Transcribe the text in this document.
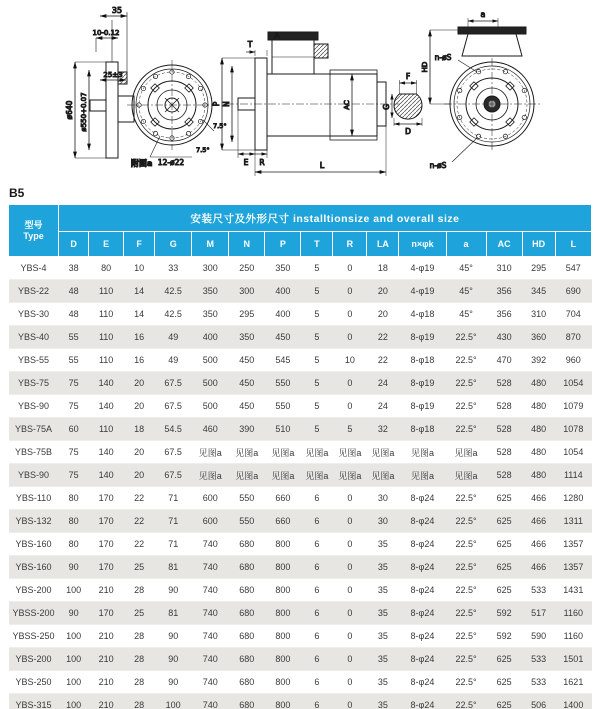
35
10-0.12
25±3
ø640 ø550+0.07
12-ø22
7.5°
7.5°
附图a
T
A
N
P
E R	L
AC
F
G
D
HD
a
n-øS
n-øS
B5
型号
Type	安装尺寸及外形尺寸 installtionsize and overall size														
	D	E	F	G	M	N	P	T	R	LA	n×φk	a	AC	HD	L
YBS-4	38	80	10	33	300	250	350	5	0	18	4-φ19	45°	310	295	547
YBS-22	48	110	14	42.5	350	300	400	5	0	20	4-φ19	45°	356	345	690
YBS-30	48	110	14	42.5	350	295	400	5	0	20	4-φ18	45°	356	310	704
YBS-40	55	110	16	49	400	350	450	5	0	22	8-φ19	22.5°	430	360	870
YBS-55	55	110	16	49	500	450	545	5	10	22	8-φ18	22.5°	470	392	960
YBS-75	75	140	20	67.5	500	450	550	5	0	24	8-φ19	22.5°	528	480	1054
YBS-90	75	140	20	67.5	500	450	550	5	0	24	8-φ19	22.5°	528	480	1079
YBS-75A	60	110	18	54.5	460	390	510	5	5	32	8-φ18	22.5°	528	480	1078
YBS-75B	75	140	20	67.5	见图a	见图a	见图a	见图a	见图a	见图a	见图a	见图a	528	480	1054
YBS-90	75	140	20	67.5	见图a	见图a	见图a	见图a	见图a	见图a	见图a	见图a	528	480	1114
YBS-110	80	170	22	71	600	550	660	6	0	30	8-φ24	22.5°	625	466	1280
YBS-132	80	170	22	71	600	550	660	6	0	30	8-φ24	22.5°	625	466	1311
YBS-160	80	170	22	71	740	680	800	6	0	35	8-φ24	22.5°	625	466	1357
YBS-160	90	170	25	81	740	680	800	6	0	35	8-φ24	22.5°	625	466	1357
YBS-200	100	210	28	90	740	680	800	6	0	35	8-φ24	22.5°	625	533	1431
YBSS-200	90	170	25	81	740	680	800	6	0	35	8-φ24	22.5°	592	517	1160
YBSS-250	100	210	28	90	740	680	800	6	0	35	8-φ24	22.5°	592	590	1160
YBS-200	100	210	28	90	740	680	800	6	0	35	8-φ24	22.5°	625	533	1501
YBS-250	100	210	28	90	740	680	800	6	0	35	8-φ24	22.5°	625	533	1621
YBS-315	100	210	28	100	740	680	800	6	0	35	8-φ24	22.5°	625	506	1400
